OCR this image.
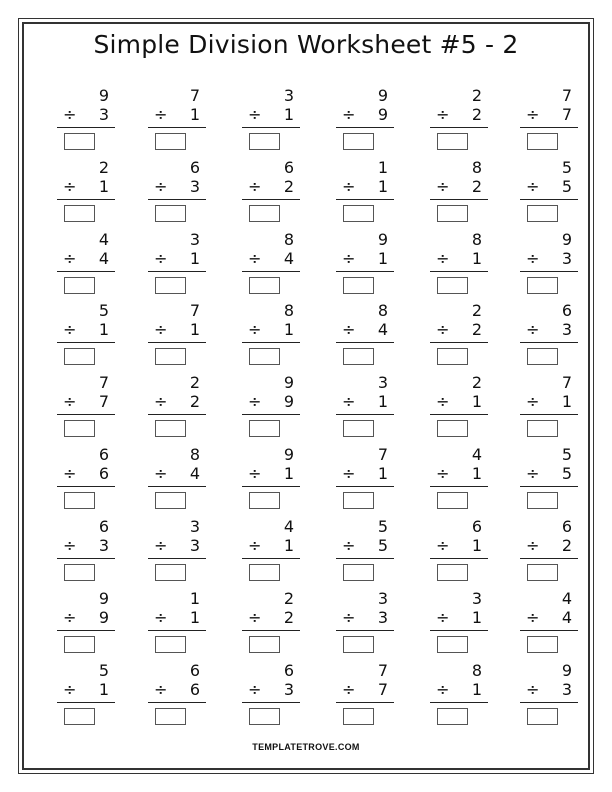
Simple Division Worksheet #5 - 2
9
÷ 3
7
÷ 1
3
÷ 1
9
÷ 9
2
÷ 2
7
÷ 7
2
÷ 1
6
÷ 3
6
÷ 2
1
÷ 1
8
÷ 2
5
÷ 5
4
÷ 4
3
÷ 1
8
÷ 4
9
÷ 1
8
÷ 1
9
÷ 3
5
÷ 1
7
÷ 1
8
÷ 1
8
÷ 4
2
÷ 2
6
÷ 3
7
÷ 7
2
÷ 2
9
÷ 9
3
÷ 1
2
÷ 1
7
÷ 1
6
÷ 6
8
÷ 4
9
÷ 1
7
÷ 1
4
÷ 1
5
÷ 5
6
÷ 3
3
÷ 3
4
÷ 1
5
÷ 5
6
÷ 1
6
÷ 2
9
÷ 9
1
÷ 1
2
÷ 2
3
÷ 3
3
÷ 1
4
÷ 4
5
÷ 1
6
÷ 6
6
÷ 3
7
÷ 7
8
÷ 1
9
÷ 3
TEMPLATETROVE.COM
